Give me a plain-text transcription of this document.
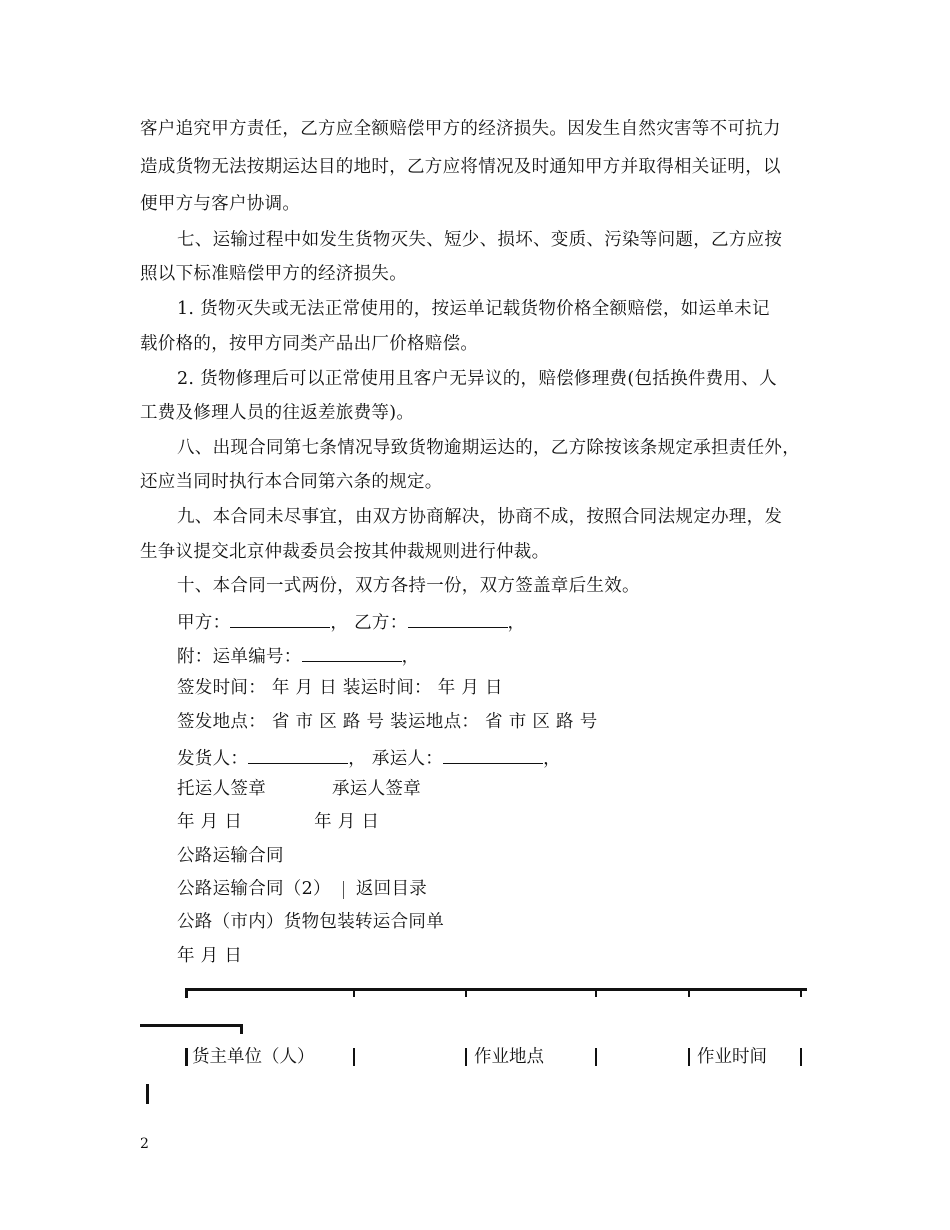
客户追究甲方责任，乙方应全额赔偿甲方的经济损失。因发生自然灾害等不可抗力
造成货物无法按期运达目的地时，乙方应将情况及时通知甲方并取得相关证明，以
便甲方与客户协调。
七、运输过程中如发生货物灭失、短少、损坏、变质、污染等问题，乙方应按
照以下标准赔偿甲方的经济损失。
1. 货物灭失或无法正常使用的，按运单记载货物价格全额赔偿，如运单未记
载价格的，按甲方同类产品出厂价格赔偿。
2. 货物修理后可以正常使用且客户无异议的，赔偿修理费(包括换件费用、人
工费及修理人员的往返差旅费等)。
八、出现合同第七条情况导致货物逾期运达的，乙方除按该条规定承担责任外，
还应当同时执行本合同第六条的规定。
九、本合同未尽事宜，由双方协商解决，协商不成，按照合同法规定办理，发
生争议提交北京仲裁委员会按其仲裁规则进行仲裁。
十、本合同一式两份，双方各持一份，双方签盖章后生效。
甲方：	， 乙方：	，
附：运单编号：	，
签发时间： 年 月 日 装运时间： 年 月 日
签发地点： 省 市 区 路 号 装运地点： 省 市 区 路 号
发货人：	， 承运人：	，
托运人签章	承运人签章
年 月 日	年 月 日
公路运输合同
公路运输合同（2） 返回目录
公路（市内）货物包装转运合同单
年 月 日
货主单位（人）	作业地点	作业时间
2
